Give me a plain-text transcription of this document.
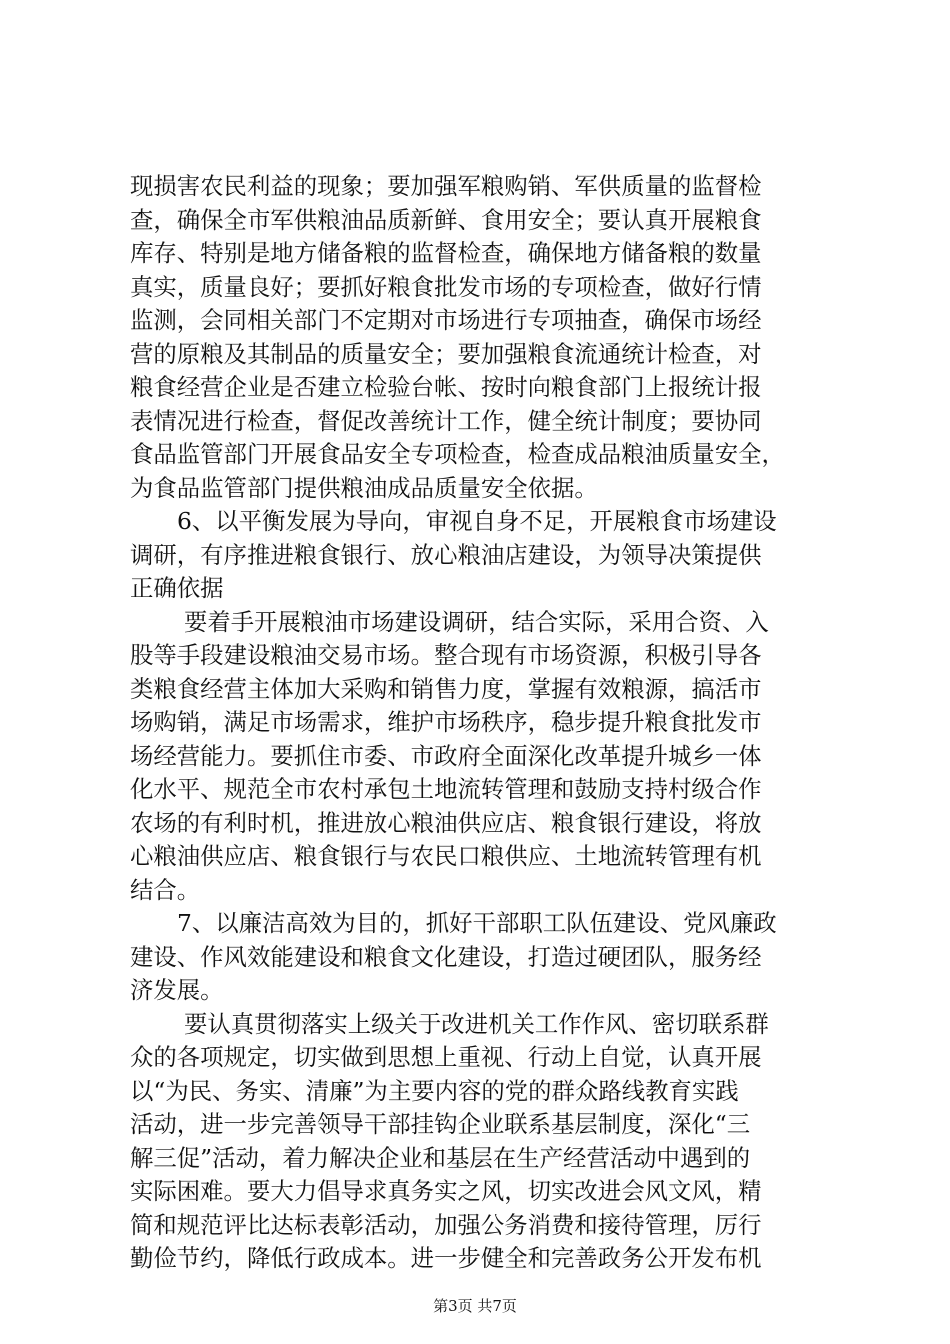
现损害农民利益的现象；要加强军粮购销、军供质量的监督检
查，确保全市军供粮油品质新鲜、食用安全；要认真开展粮食
库存、特别是地方储备粮的监督检查，确保地方储备粮的数量
真实，质量良好；要抓好粮食批发市场的专项检查，做好行情
监测，会同相关部门不定期对市场进行专项抽查，确保市场经
营的原粮及其制品的质量安全；要加强粮食流通统计检查，对
粮食经营企业是否建立检验台帐、按时向粮食部门上报统计报
表情况进行检查，督促改善统计工作，健全统计制度；要协同
食品监管部门开展食品安全专项检查，检查成品粮油质量安全，
为食品监管部门提供粮油成品质量安全依据。
6、以平衡发展为导向，审视自身不足，开展粮食市场建设
调研，有序推进粮食银行、放心粮油店建设，为领导决策提供
正确依据
要着手开展粮油市场建设调研，结合实际，采用合资、入
股等手段建设粮油交易市场。整合现有市场资源，积极引导各
类粮食经营主体加大采购和销售力度，掌握有效粮源，搞活市
场购销，满足市场需求，维护市场秩序，稳步提升粮食批发市
场经营能力。要抓住市委、市政府全面深化改革提升城乡一体
化水平、规范全市农村承包土地流转管理和鼓励支持村级合作
农场的有利时机，推进放心粮油供应店、粮食银行建设，将放
心粮油供应店、粮食银行与农民口粮供应、土地流转管理有机
结合。
7、以廉洁高效为目的，抓好干部职工队伍建设、党风廉政
建设、作风效能建设和粮食文化建设，打造过硬团队，服务经
济发展。
要认真贯彻落实上级关于改进机关工作作风、密切联系群
众的各项规定，切实做到思想上重视、行动上自觉，认真开展
以“为民、务实、清廉”为主要内容的党的群众路线教育实践
活动，进一步完善领导干部挂钩企业联系基层制度，深化“三
解三促”活动，着力解决企业和基层在生产经营活动中遇到的
实际困难。要大力倡导求真务实之风，切实改进会风文风，精
简和规范评比达标表彰活动，加强公务消费和接待管理，厉行
勤俭节约，降低行政成本。进一步健全和完善政务公开发布机
第3页 共7页
